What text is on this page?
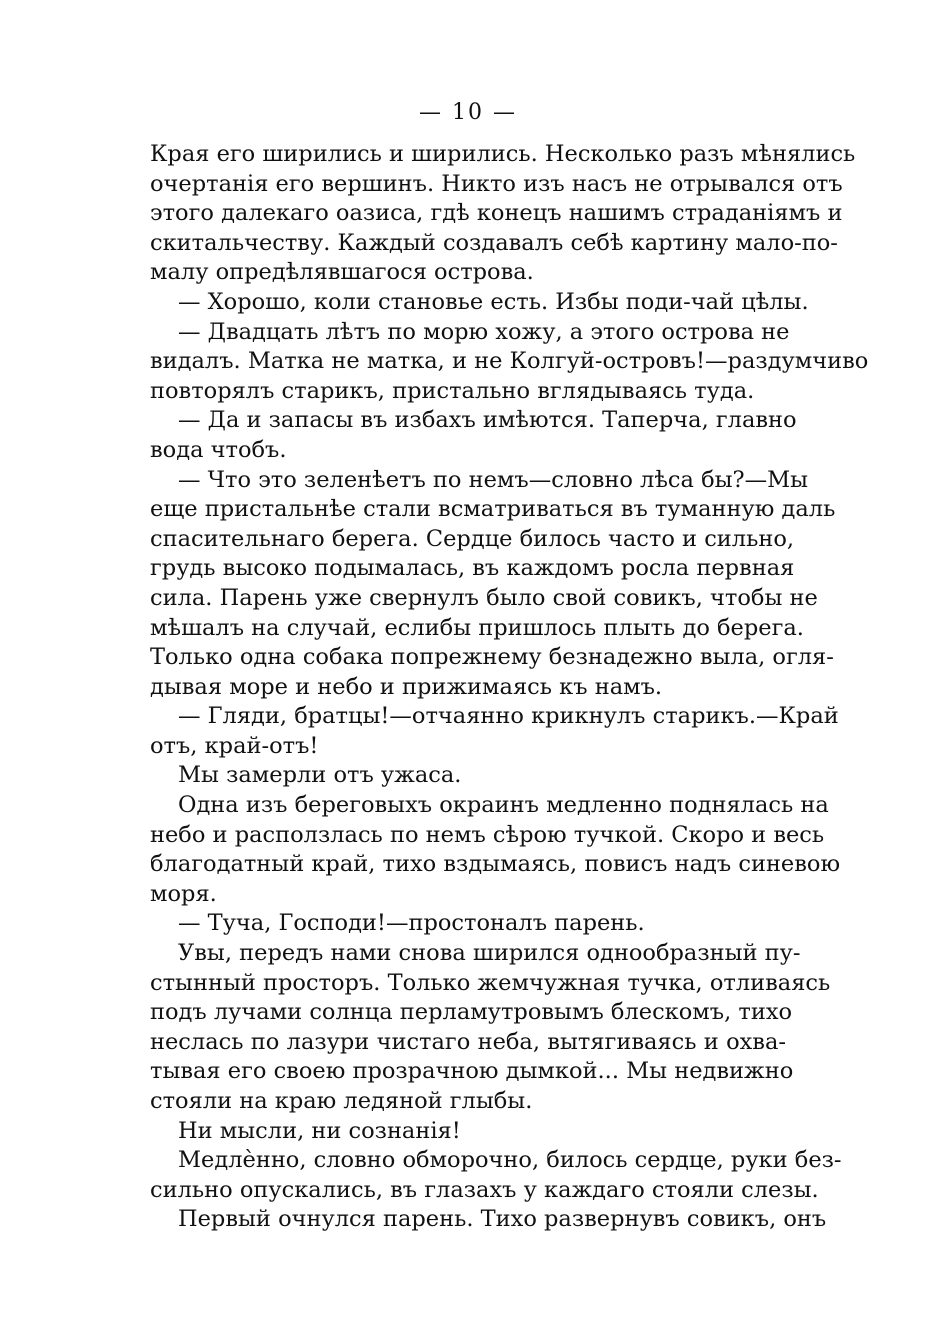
— 10 —
Края его ширились и ширились. Несколько разъ мѣнялись
очертанія его вершинъ. Никто изъ насъ не отрывался отъ
этого далекаго оазиса, гдѣ конецъ нашимъ страданіямъ и
скитальчеству. Каждый создавалъ себѣ картину мало-по-
малу опредѣлявшагося острова.
— Хорошо, коли становье есть. Избы поди-чай цѣлы.
— Двадцать лѣтъ по морю хожу, а этого острова не
видалъ. Матка не матка, и не Колгуй-островъ!—раздумчиво
повторялъ старикъ, пристально вглядываясь туда.
— Да и запасы въ избахъ имѣются. Таперча, главно
вода чтобъ.
— Что это зеленѣетъ по немъ—словно лѣса бы?—Мы
еще пристальнѣе стали всматриваться въ туманную даль
спасительнаго берега. Сердце билось часто и сильно,
грудь высоко подымалась, въ каждомъ росла первная
сила. Парень уже свернулъ было свой совикъ, чтобы не
мѣшалъ на случай, еслибы пришлось плыть до берега.
Только одна собака попрежнему безнадежно выла, огля-
дывая море и небо и прижимаясь къ намъ.
— Гляди, братцы!—отчаянно крикнулъ старикъ.—Край
отъ, край-отъ!
Мы замерли отъ ужаса.
Одна изъ береговыхъ окраинъ медленно поднялась на
небо и расползлась по немъ сѣрою тучкой. Скоро и весь
благодатный край, тихо вздымаясь, повисъ надъ синевою
моря.
— Туча, Господи!—простоналъ парень.
Увы, передъ нами снова ширился однообразный пу-
стынный просторъ. Только жемчужная тучка, отливаясь
подъ лучами солнца перламутровымъ блескомъ, тихо
неслась по лазури чистаго неба, вытягиваясь и охва-
тывая его своею прозрачною дымкой... Мы недвижно
стояли на краю ледяной глыбы.
Ни мысли, ни сознанія!
Медлѐнно, словно обморочно, билось сердце, руки без-
сильно опускались, въ глазахъ у каждаго стояли слезы.
Первый очнулся парень. Тихо развернувъ совикъ, онъ
